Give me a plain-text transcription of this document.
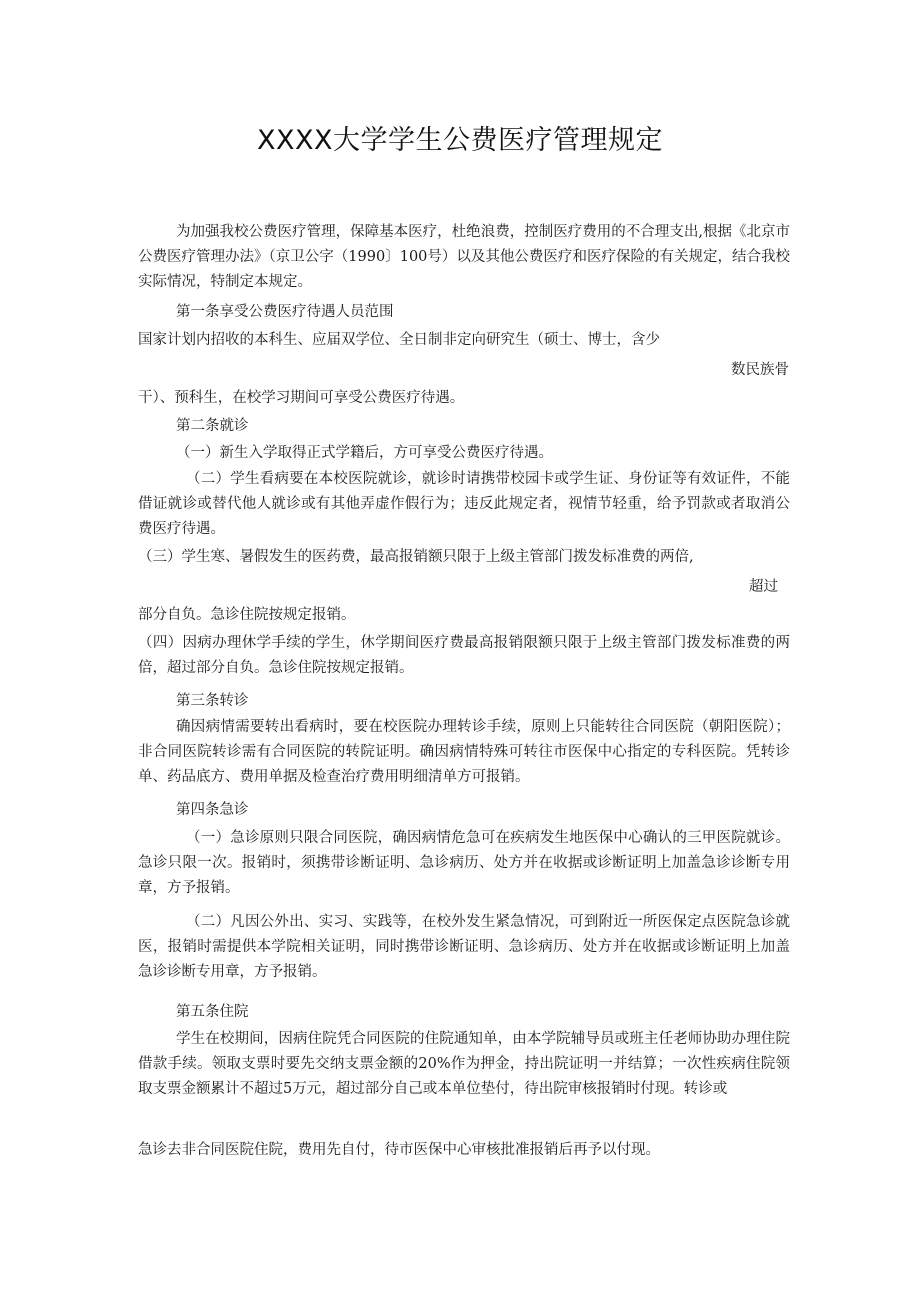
XXXX大学学生公费医疗管理规定

为加强我校公费医疗管理，保障基本医疗，杜绝浪费，控制医疗费用的不合理支出,根据《北京市公费医疗管理办法》（京卫公字（1990〕100号）以及其他公费医疗和医疗保险的有关规定，结合我校实际情况，特制定本规定。

第一条享受公费医疗待遇人员范围

国家计划内招收的本科生、应届双学位、全日制非定向研究生（硕士、博士，含少

数民族骨

干）、预科生，在校学习期间可享受公费医疗待遇。

第二条就诊

（一）新生入学取得正式学籍后，方可享受公费医疗待遇。

（二）学生看病要在本校医院就诊，就诊时请携带校园卡或学生证、身份证等有效证件，不能借证就诊或替代他人就诊或有其他弄虚作假行为；违反此规定者，视情节轻重，给予罚款或者取消公费医疗待遇。

（三）学生寒、暑假发生的医药费，最高报销额只限于上级主管部门拨发标准费的两倍,

超过

部分自负。急诊住院按规定报销。

（四）因病办理休学手续的学生，休学期间医疗费最高报销限额只限于上级主管部门拨发标准费的两倍，超过部分自负。急诊住院按规定报销。

第三条转诊

确因病情需要转出看病时，要在校医院办理转诊手续，原则上只能转往合同医院（朝阳医院）；非合同医院转诊需有合同医院的转院证明。确因病情特殊可转往市医保中心指定的专科医院。凭转诊单、药品底方、费用单据及检查治疗费用明细清单方可报销。

第四条急诊

（一）急诊原则只限合同医院，确因病情危急可在疾病发生地医保中心确认的三甲医院就诊。急诊只限一次。报销时，须携带诊断证明、急诊病历、处方并在收据或诊断证明上加盖急诊诊断专用章，方予报销。

（二）凡因公外出、实习、实践等，在校外发生紧急情况，可到附近一所医保定点医院急诊就医，报销时需提供本学院相关证明，同时携带诊断证明、急诊病历、处方并在收据或诊断证明上加盖急诊诊断专用章，方予报销。

第五条住院

学生在校期间，因病住院凭合同医院的住院通知单，由本学院辅导员或班主任老师协助办理住院借款手续。领取支票时要先交纳支票金额的20%作为押金，持出院证明一并结算；一次性疾病住院领取支票金额累计不超过5万元，超过部分自己或本单位垫付，待出院审核报销时付现。转诊或

急诊去非合同医院住院，费用先自付，待市医保中心审核批准报销后再予以付现。
